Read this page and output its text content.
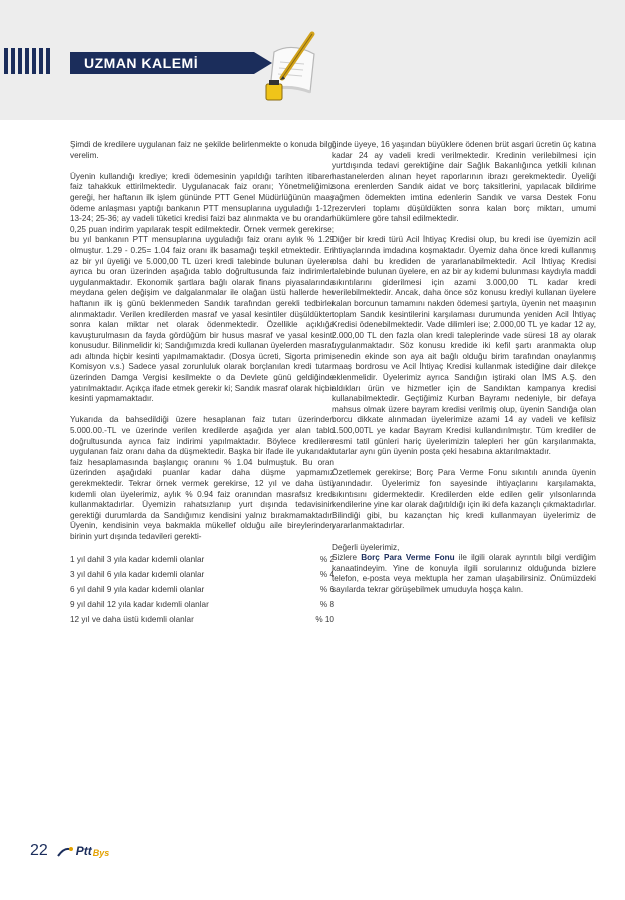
UZMAN KALEMİ

Şimdi de kredilere uygulanan faiz ne şekilde belirlenmekte o konuda bilgi verelim.

Üyenin kullandığı krediye; kredi ödemesinin yapıldığı tarihten itibaren faiz tahakkuk ettirilmektedir. Uygulanacak faiz oranı; Yönetmeliğimiz gereği, her haftanın ilk işlem gününde PTT Genel Müdürlüğünün maaş ödeme anlaşması yaptığı bankanın PTT mensuplarına uyguladığı 1-12; 13-24; 25-36; ay vadeli tüketici kredisi faizi baz alınmakta ve bu orandan 0,25 puan indirim yapılarak tespit edilmektedir. Örnek vermek gerekirse; bu yıl bankanın PTT mensuplarına uyguladığı faiz oranı aylık % 1.29 olmuştur. 1.29 - 0.25= 1.04 faiz oranı ilk basamağı teşkil etmektedir. En az bir yıl üyeliği ve 5.000,00 TL üzeri kredi talebinde bulunan üyelere ayrıca bu oran üzerinden aşağıda tablo doğrultusunda faiz indirimleri uygulanmaktadır. Ekonomik şartlara bağlı olarak finans piyasalarında meydana gelen değişim ve dalgalanmalar ile olağan üstü hallerde her haftanın ilk iş günü beklenmeden Sandık tarafından gerekli tedbirler alınmaktadır. Verilen kredilerden masraf ve yasal kesintiler düşüldükten sonra kalan miktar net olarak ödenmektedir. Özellikle açıklığa kavuşturulmasın da fayda gördüğüm bir husus masraf ve yasal kesinti konusudur. Bilinmelidir ki; Sandığımızda kredi kullanan üyelerden masraf adı altında hiçbir kesinti yapılmamaktadır. (Dosya ücreti, Sigorta primi, Komisyon v.s.) Sadece yasal zorunluluk olarak borçlanılan kredi tutarı üzerinden Damga Vergisi kesilmekte o da Devlete günü geldiğinde yatırılmaktadır. Açıkça ifade etmek gerekir ki; Sandık masraf olarak hiçbir kesinti yapmamaktadır.

Yukarıda da bahsedildiği üzere hesaplanan faiz tutarı üzerinden 5.000.00.-TL ve üzerinde verilen kredilerde aşağıda yer alan tablo doğrultusunda ayrıca faiz indirimi yapılmaktadır. Böylece kredilere uygulanan faiz oranı daha da düşmektedir. Başka bir ifade ile yukarıdaki faiz hesaplamasında başlangıç oranını % 1.04 bulmuştuk. Bu oran üzerinden aşağıdaki puanlar kadar daha düşme yapmamız gerekmektedir. Tekrar örnek vermek gerekirse, 12 yıl ve daha üstü kıdemli olan üyelerimiz, aylık % 0.94 faiz oranından masrafsız kredi kullanmaktadırlar. Üyemizin rahatsızlanıp yurt dışında tedavisinin gerektiği durumlarda da Sandığımız kendisini yalnız bırakmamaktadır. Üyenin, kendisinin veya bakmakla mükellef olduğu aile bireylerinden birinin yurt dışında tedavileri gerekti-

1 yıl dahil 3 yıla kadar kıdemli olanlar	% 2
3 yıl dahil 6 yıla kadar kıdemli olanlar	% 4
6 yıl dahil 9 yıla kadar kıdemli olanlar	% 6
9 yıl dahil 12 yıla kadar kıdemli olanlar	% 8
12 yıl ve daha üstü kıdemli olanlar	% 10

ğinde üyeye, 16 yaşından büyüklere ödenen brüt asgari ücretin üç katına kadar 24 ay vadeli kredi verilmektedir. Kredinin verilebilmesi için yurtdışında tedavi gerektiğine dair Sağlık Bakanlığınca yetkili kılınan hastanelerden alınan heyet raporlarının ibrazı gerekmektedir. Üyeliği sona erenlerden Sandık aidat ve borç taksitlerini, yapılacak bildirime rağmen ödemekten imtina edenlerin Sandık ve varsa Destek Fonu rezervleri toplamı düşüldükten sonra kalan borç miktarı, umumi hükümlere göre tahsil edilmektedir.

Diğer bir kredi türü Acil İhtiyaç Kredisi olup, bu kredi ise üyemizin acil ihtiyaçlarında imdadına koşmaktadır. Üyemiz daha önce kredi kullanmış olsa dahi bu krediden de yararlanabilmektedir. Acil İhtiyaç Kredisi talebinde bulunan üyelere, en az bir ay kıdemi bulunması kaydıyla maddi sıkıntılarını giderilmesi için azami 3.000,00 TL kadar kredi verilebilmektedir. Ancak, daha önce söz konusu krediyi kullanan üyelere kalan borcunun tamamını nakden ödemesi şartıyla, üyenin net maaşının toplam Sandık kesintilerini karşılaması durumunda yeniden Acil İhtiyaç Kredisi ödenebilmektedir. Vade dilimleri ise; 2.000,00 TL ye kadar 12 ay, 2.000,00 TL den fazla olan kredi taleplerinde vade süresi 18 ay olarak uygulanmaktadır. Söz konusu kredide iki kefil şartı aranmakta olup senedin ekinde son aya ait bağlı olduğu birim tarafından onaylanmış maaş bordrosu ve Acil İhtiyaç Kredisi kullanmak istediğine dair dilekçe eklenmelidir. Üyelerimiz ayrıca Sandığın iştiraki olan İMS A.Ş. den aldıkları ürün ve hizmetler için de Sandıktan kampanya kredisi kullanabilmektedir. Geçtiğimiz Kurban Bayramı nedeniyle, bir defaya mahsus olmak üzere bayram kredisi verilmiş olup, üyenin Sandığa olan borcu dikkate alınmadan üyelerimize azami 14 ay vadeli ve kefilsiz 1.500,00TL ye kadar Bayram Kredisi kullandırılmıştır. Tüm krediler de resmi tatil günleri hariç üyelerimizin talepleri her gün karşılanmakta, tutarlar aynı gün üyenin posta çeki hesabına aktarılmaktadır.

Özetlemek gerekirse; Borç Para Verme Fonu sıkıntılı anında üyenin yanındadır. Üyelerimiz fon sayesinde ihtiyaçlarını karşılamakta, sıkıntısını gidermektedir. Kredilerden elde edilen gelir yılsonlarında kendilerine yine kar olarak dağıtıldığı için iki defa kazançlı çıkmaktadırlar. Bilindiği gibi, bu kazançtan hiç kredi kullanmayan üyelerimiz de yararlanmaktadırlar.

Değerli üyelerimiz,

Sizlere Borç Para Verme Fonu ile ilgili olarak ayrıntılı bilgi verdiğim kanaatindeyim. Yine de konuyla ilgili sorularınız olduğunda bizlere telefon, e-posta veya mektupla her zaman ulaşabilirsiniz. Önümüzdeki sayılarda tekrar görüşebilmek umuduyla hoşça kalın.

22 Ptt Bys
